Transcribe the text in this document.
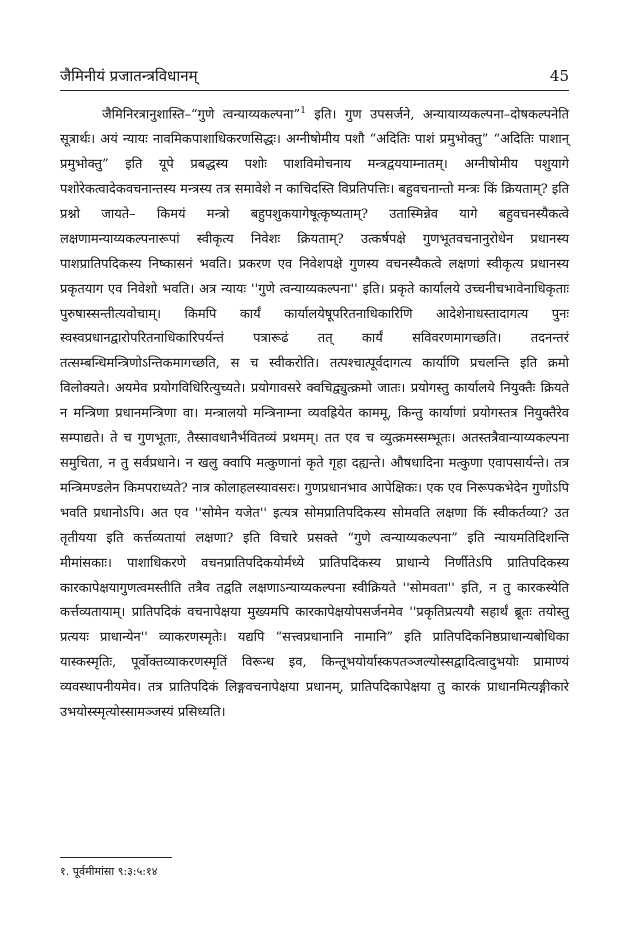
जैमिनीयं प्रजातन्त्रविधानम्	45

जैमिनिरत्रानुशास्ति–“गुणे त्वन्याय्यकल्पना”$^1$ इति। गुण उपसर्जने, अन्यायाय्यकल्पना–दोषकल्पनेति सूत्रार्थः। अयं न्यायः नावमिकपाशाधिकरणसिद्धः। अग्नीषोमीय पशौ “अदितिः पाशं प्रमुभोक्तु” “अदितिः पाशान् प्रमुभोक्तु” इति यूपे प्रबद्धस्य पशोः पाशविमोचनाय मन्त्रद्वययाम्नातम्। अग्नीषोमीय पशुयागे पशोरेकत्वादेकवचनान्तस्य मन्त्रस्य तत्र समावेशे न काचिदस्ति विप्रतिपत्तिः। बहुवचनान्तो मन्त्रः किं क्रियताम्? इति प्रश्नो जायते– किमयं मन्त्रो बहुपशुकयागेषूत्कृष्यताम्? उतास्मिन्नेव यागे बहुवचनस्यैकत्वे लक्षणामन्याय्यकल्पनारूपां स्वीकृत्य निवेशः क्रियताम्? उत्कर्षपक्षे गुणभूतवचनानुरोधेन प्रधानस्य पाशप्रातिपदिकस्य निष्कासनं भवति। प्रकरण एव निवेशपक्षे गुणस्य वचनस्यैकत्वे लक्षणां स्वीकृत्य प्रधानस्य प्रकृतयाग एव निवेशो भवति। अत्र न्यायः ''गुणे त्वन्याय्यकल्पना'' इति। प्रकृते कार्यालये उच्चनीचभावेनाधिकृताः पुरुषास्सन्तीत्यवोचाम्। किमपि कार्यं कार्यालयेषूपरितनाधिकारिणि आदेशेनाधस्तादागत्य पुनः स्वस्वप्रधानद्वारोपरितनाधिकारिपर्यन्तं पत्रारूढं तत् कार्यं सविवरणमागच्छति। तदनन्तरं तत्सम्बन्धिमन्त्रिणोऽन्तिकमागच्छति, स च स्वीकरोति। तत्पश्चात्पूर्वदागत्य कार्याणि प्रचलन्ति इति क्रमो विलोक्यते। अयमेव प्रयोगविधिरित्युच्यते। प्रयोगावसरे क्वचिद्व्युत्क्रमो जातः। प्रयोगस्तु कार्यालये नियुक्तैः क्रियते न मन्त्रिणा प्रधानमन्त्रिणा वा। मन्त्रालयो मन्त्रिनाम्ना व्यवह्रियेत काममू, किन्तु कार्याणां प्रयोगस्तत्र नियुक्तैरेव सम्पाद्यते। ते च गुणभूताः, तैस्सावधानैर्भवितव्यं प्रथमम्। तत एव च व्युत्क्रमस्सम्भूतः। अतस्तत्रैवान्याय्यकल्पना समुचिता, न तु सर्वप्रधाने। न खलु क्वापि मत्कुणानां कृते गृहा दह्यन्ते। औषधादिना मत्कुणा एवापसार्यन्ते। तत्र मन्त्रिमण्डलेन किमपराध्यते? नात्र कोलाहलस्यावसरः। गुणप्रधानभाव आपेक्षिकः। एक एव निरूपकभेदेन गुणोऽपि भवति प्रधानोऽपि। अत एव ''सोमेन यजेत'' इत्यत्र सोमप्रातिपदिकस्य सोमवति लक्षणा किं स्वीकर्तव्या? उत तृतीयया इति कर्त्तव्यतायां लक्षणा? इति विचारे प्रसक्ते “गुणे त्वन्याय्यकल्पना” इति न्यायमतिदिशन्ति मीमांसकाः। पाशाधिकरणे वचनप्रातिपदिकयोर्मध्ये प्रातिपदिकस्य प्राधान्ये निर्णीतेऽपि प्रातिपदिकस्य कारकापेक्षयागुणत्वमस्तीति तत्रैव तद्वति लक्षणाऽन्याय्यकल्पना स्वीक्रियते ''सोमवता'' इति, न तु कारकस्येति कर्त्तव्यतायाम्। प्रातिपदिकं वचनापेक्षया मुख्यमपि कारकापेक्षयोपसर्जनमेव ''प्रकृतिप्रत्ययौ सहार्थं ब्रूतः तयोस्तु प्रत्ययः प्राधान्येन'' व्याकरणस्मृतेः। यद्यपि “सत्त्वप्रधानानि नामानि” इति प्रातिपदिकनिष्ठप्राधान्यबोधिका यास्कस्मृतिः, पूर्वोक्तव्याकरणस्मृतिं विरून्ध इव, किन्तूभयोर्यास्कपतञ्जल्योस्सद्वादित्वादुभयोः प्रामाण्यं व्यवस्थापनीयमेव। तत्र प्रातिपदिकं लिङ्गवचनापेक्षया प्रधानम्, प्रातिपदिकापेक्षया तु कारकं प्राधानमित्यङ्गीकारे उभयोस्स्मृत्योस्सामञ्जस्यं प्रसिध्यति।

१. पूर्वमीमांसा ९:३:५:१४
